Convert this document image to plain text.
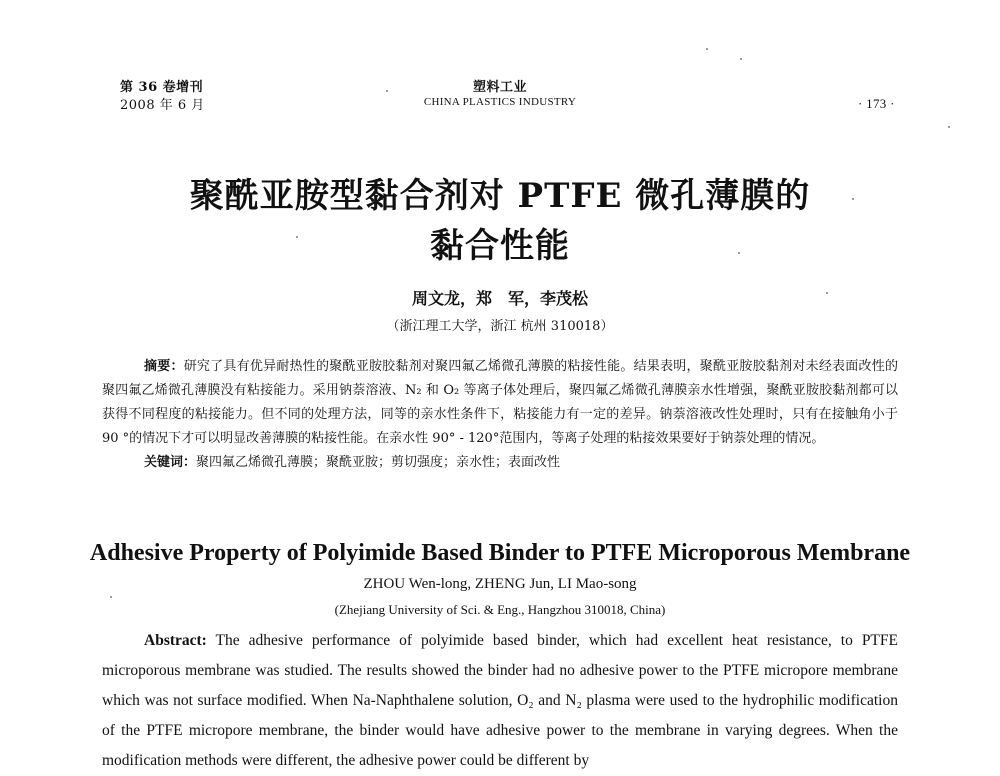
第 36 卷增刊
2008 年 6 月
塑料工业
CHINA PLASTICS INDUSTRY	· 173 ·
聚酰亚胺型黏合剂对 PTFE 微孔薄膜的
黏合性能
周文龙，郑　军，李茂松
（浙江理工大学，浙江 杭州 310018）

摘要：研究了具有优异耐热性的聚酰亚胺胶黏剂对聚四氟乙烯微孔薄膜的粘接性能。结果表明，聚酰亚胺胶黏剂对未经表面改性的聚四氟乙烯微孔薄膜没有粘接能力。采用钠萘溶液、N₂ 和 O₂ 等离子体处理后，聚四氟乙烯微孔薄膜亲水性增强，聚酰亚胺胶黏剂都可以获得不同程度的粘接能力。但不同的处理方法，同等的亲水性条件下，粘接能力有一定的差异。钠萘溶液改性处理时，只有在接触角小于 90 °的情况下才可以明显改善薄膜的粘接性能。在亲水性 90° - 120°范围内，等离子处理的粘接效果要好于钠萘处理的情况。

关键词：聚四氟乙烯微孔薄膜；聚酰亚胺；剪切强度；亲水性；表面改性

Adhesive Property of Polyimide Based Binder to PTFE Microporous Membrane
ZHOU Wen-long, ZHENG Jun, LI Mao-song
(Zhejiang University of Sci. & Eng., Hangzhou 310018, China)

Abstract: The adhesive performance of polyimide based binder, which had excellent heat resistance, to PTFE microporous membrane was studied. The results showed the binder had no adhesive power to the PTFE micropore membrane which was not surface modified. When Na-Naphthalene solution, O₂ and N₂ plasma were used to the hydrophilic modification of the PTFE micropore membrane, the binder would have adhesive power to the membrane in varying degrees. When the modification methods were different, the adhesive power could be different by
